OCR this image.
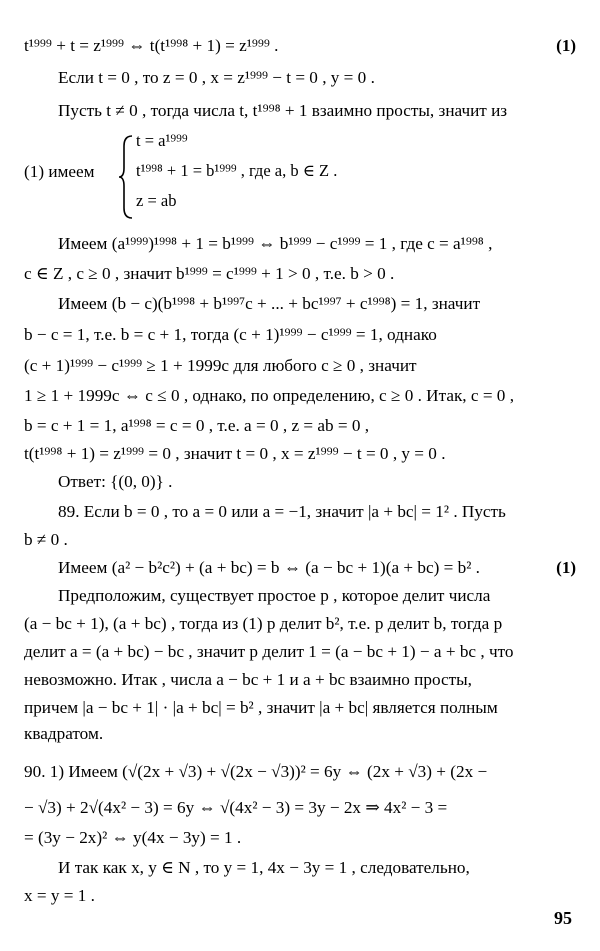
t¹⁹⁹⁹ + t = z¹⁹⁹⁹ ⇔ t(t¹⁹⁹⁸ + 1) = z¹⁹⁹⁹ .	(1)
Если t = 0 , то z = 0 , x = z¹⁹⁹⁹ − t = 0 , y = 0 .
Пусть t ≠ 0 , тогда числа t, t¹⁹⁹⁸ + 1 взаимно просты, значит из
(1) имеем
t = a¹⁹⁹⁹
t¹⁹⁹⁸ + 1 = b¹⁹⁹⁹ , где a, b ∈ Z .
z = ab
Имеем (a¹⁹⁹⁹)¹⁹⁹⁸ + 1 = b¹⁹⁹⁹ ⇔ b¹⁹⁹⁹ − c¹⁹⁹⁹ = 1 , где c = a¹⁹⁹⁸ ,
c ∈ Z , c ≥ 0 , значит b¹⁹⁹⁹ = c¹⁹⁹⁹ + 1 > 0 , т.е. b > 0 .
Имеем (b − c)(b¹⁹⁹⁸ + b¹⁹⁹⁷c + ... + bc¹⁹⁹⁷ + c¹⁹⁹⁸) = 1, значит
b − c = 1, т.е. b = c + 1, тогда (c + 1)¹⁹⁹⁹ − c¹⁹⁹⁹ = 1, однако
(c + 1)¹⁹⁹⁹ − c¹⁹⁹⁹ ≥ 1 + 1999c для любого c ≥ 0 , значит
1 ≥ 1 + 1999c ⇔ c ≤ 0 , однако, по определению, c ≥ 0 . Итак, c = 0 ,
b = c + 1 = 1, a¹⁹⁹⁸ = c = 0 , т.е. a = 0 , z = ab = 0 ,
t(t¹⁹⁹⁸ + 1) = z¹⁹⁹⁹ = 0 , значит t = 0 , x = z¹⁹⁹⁹ − t = 0 , y = 0 .
Ответ: {(0, 0)} .
89. Если b = 0 , то a = 0 или a = −1, значит |a + bc| = 1² . Пусть
b ≠ 0 .
Имеем (a² − b²c²) + (a + bc) = b ⇔ (a − bc + 1)(a + bc) = b² .	(1)
Предположим, существует простое p , которое делит числа
(a − bc + 1), (a + bc) , тогда из (1) p делит b², т.е. p делит b, тогда p
делит a = (a + bc) − bc , значит p делит 1 = (a − bc + 1) − a + bc , что
невозможно. Итак , числа a − bc + 1 и a + bc взаимно просты,
причем |a − bc + 1| · |a + bc| = b² , значит |a + bc| является полным
квадратом.
90. 1) Имеем (√(2x + √3) + √(2x − √3))² = 6y ⇔ (2x + √3) + (2x −
− √3) + 2√(4x² − 3) = 6y ⇔ √(4x² − 3) = 3y − 2x ⇒ 4x² − 3 =
= (3y − 2x)² ⇔ y(4x − 3y) = 1 .
И так как x, y ∈ N , то y = 1, 4x − 3y = 1 , следовательно,
x = y = 1 .
95
